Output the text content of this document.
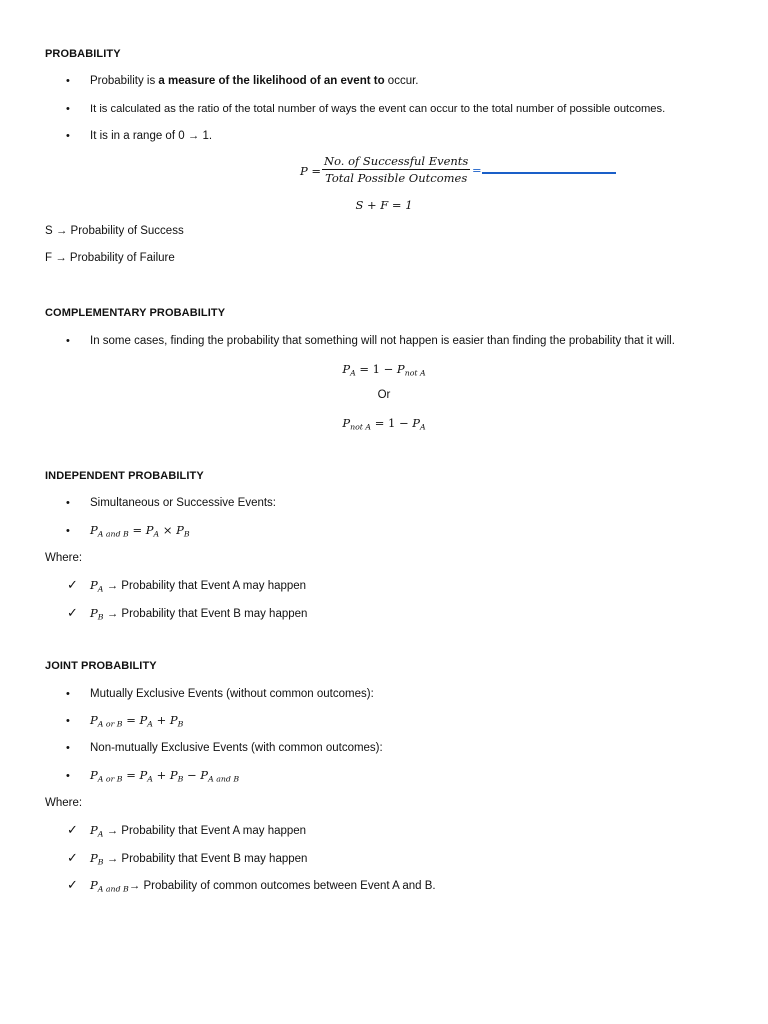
PROBABILITY
• Probability is a measure of the likelihood of an event to occur.
• It is calculated as the ratio of the total number of ways the event can occur to the total number of possible outcomes.
• It is in a range of 0 → 1.
P =
No. of Successful Events
Total Possible Outcomes
=
S + F = 1
S → Probability of Success
F → Probability of Failure
COMPLEMENTARY PROBABILITY
• In some cases, finding the probability that something will not happen is easier than finding the probability that it will.
$P_A = 1 - P_{not A}$
Or
$P_{not A} = 1 - P_A$
INDEPENDENT PROBABILITY
• Simultaneous or Successive Events:
• $P_{A and B} = P_A \times P_B$
Where:
✓ $P_A$ → Probability that Event A may happen
✓ $P_B$ → Probability that Event B may happen
JOINT PROBABILITY
• Mutually Exclusive Events (without common outcomes):
• $P_{A or B} = P_A + P_B$
• Non-mutually Exclusive Events (with common outcomes):
• $P_{A or B} = P_A + P_B - P_{A and B}$
Where:
✓ $P_A$ → Probability that Event A may happen
✓ $P_B$ → Probability that Event B may happen
✓ $P_{A and B}\to$ Probability of common outcomes between Event A and B.
